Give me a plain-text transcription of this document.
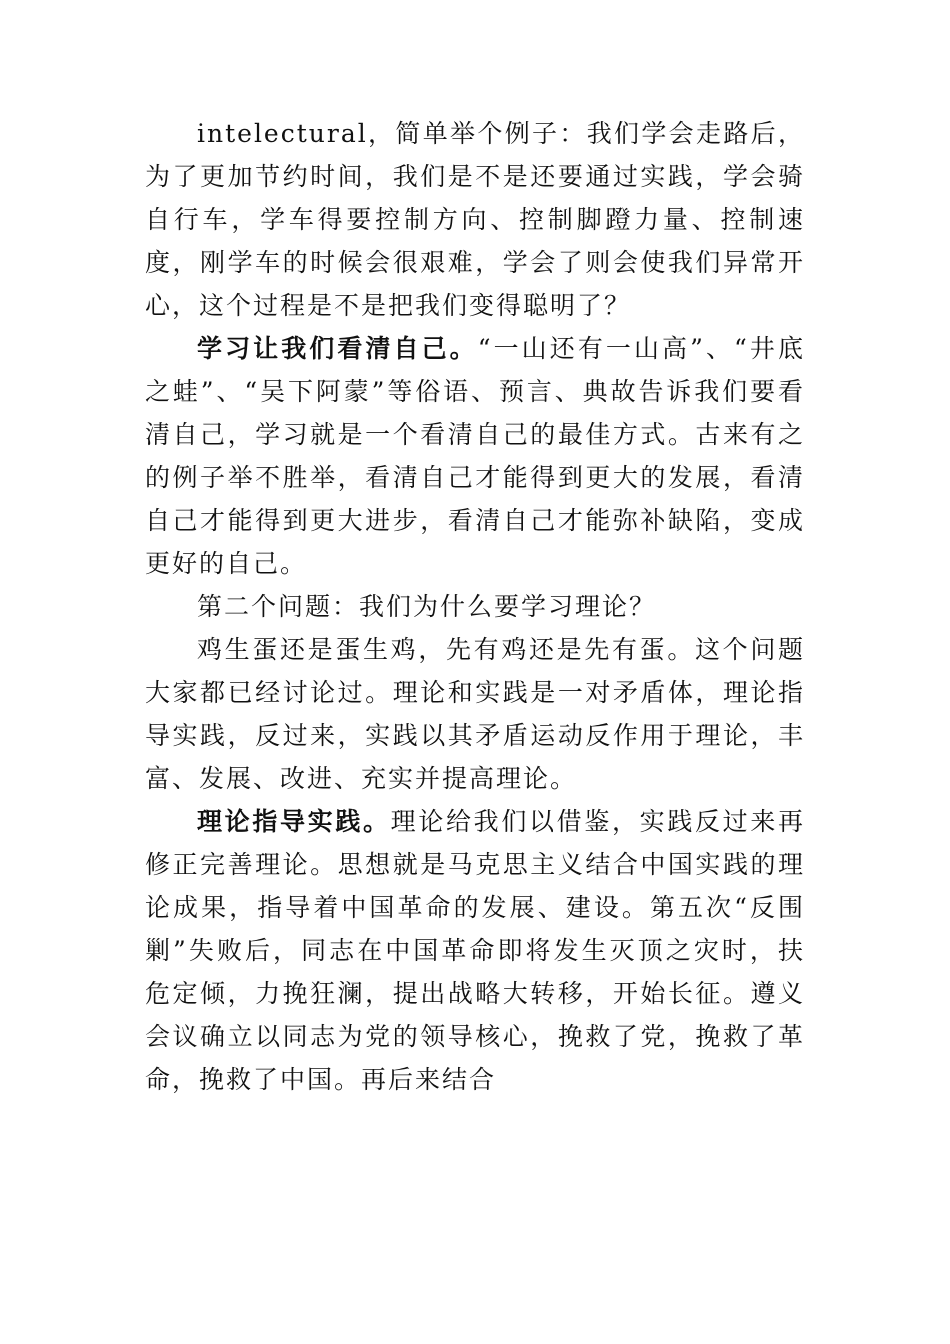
intelectural，简单举个例子：我们学会走路后，为了更加节约时间，我们是不是还要通过实践，学会骑自行车，学车得要控制方向、控制脚蹬力量、控制速度，刚学车的时候会很艰难，学会了则会使我们异常开心，这个过程是不是把我们变得聪明了？

学习让我们看清自己。“一山还有一山高”、“井底之蛙”、“吴下阿蒙”等俗语、预言、典故告诉我们要看清自己，学习就是一个看清自己的最佳方式。古来有之的例子举不胜举，看清自己才能得到更大的发展，看清自己才能得到更大进步，看清自己才能弥补缺陷，变成更好的自己。

第二个问题：我们为什么要学习理论？

鸡生蛋还是蛋生鸡，先有鸡还是先有蛋。这个问题大家都已经讨论过。理论和实践是一对矛盾体，理论指导实践，反过来，实践以其矛盾运动反作用于理论，丰富、发展、改进、充实并提高理论。

理论指导实践。理论给我们以借鉴，实践反过来再修正完善理论。思想就是马克思主义结合中国实践的理论成果，指导着中国革命的发展、建设。第五次“反围剿”失败后，同志在中国革命即将发生灭顶之灾时，扶危定倾，力挽狂澜，提出战略大转移，开始长征。遵义会议确立以同志为党的领导核心，挽救了党，挽救了革命，挽救了中国。再后来结合
